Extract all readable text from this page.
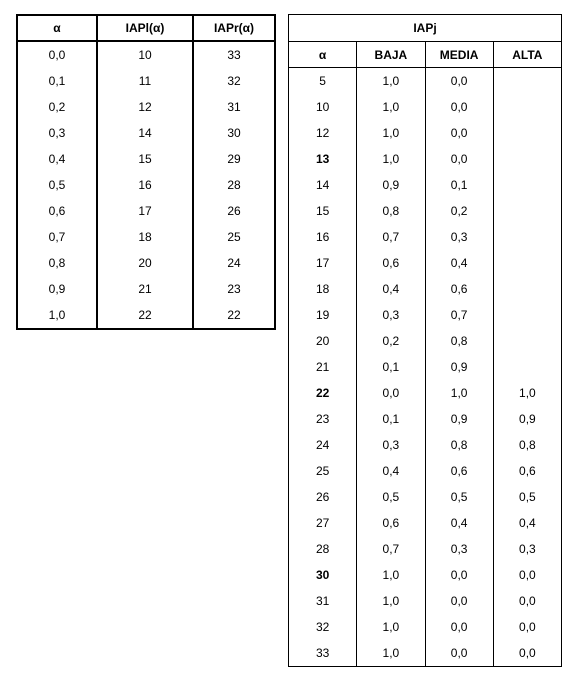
α	IAPl(α)	IAPr(α)
0,0	10	33
0,1	11	32
0,2	12	31
0,3	14	30
0,4	15	29
0,5	16	28
0,6	17	26
0,7	18	25
0,8	20	24
0,9	21	23
1,0	22	22
IAPj			
α	BAJA	MEDIA	ALTA
5	1,0	0,0	
10	1,0	0,0	
12	1,0	0,0	
13	1,0	0,0	
14	0,9	0,1	
15	0,8	0,2	
16	0,7	0,3	
17	0,6	0,4	
18	0,4	0,6	
19	0,3	0,7	
20	0,2	0,8	
21	0,1	0,9	
22	0,0	1,0	1,0
23	0,1	0,9	0,9
24	0,3	0,8	0,8
25	0,4	0,6	0,6
26	0,5	0,5	0,5
27	0,6	0,4	0,4
28	0,7	0,3	0,3
30	1,0	0,0	0,0
31	1,0	0,0	0,0
32	1,0	0,0	0,0
33	1,0	0,0	0,0
